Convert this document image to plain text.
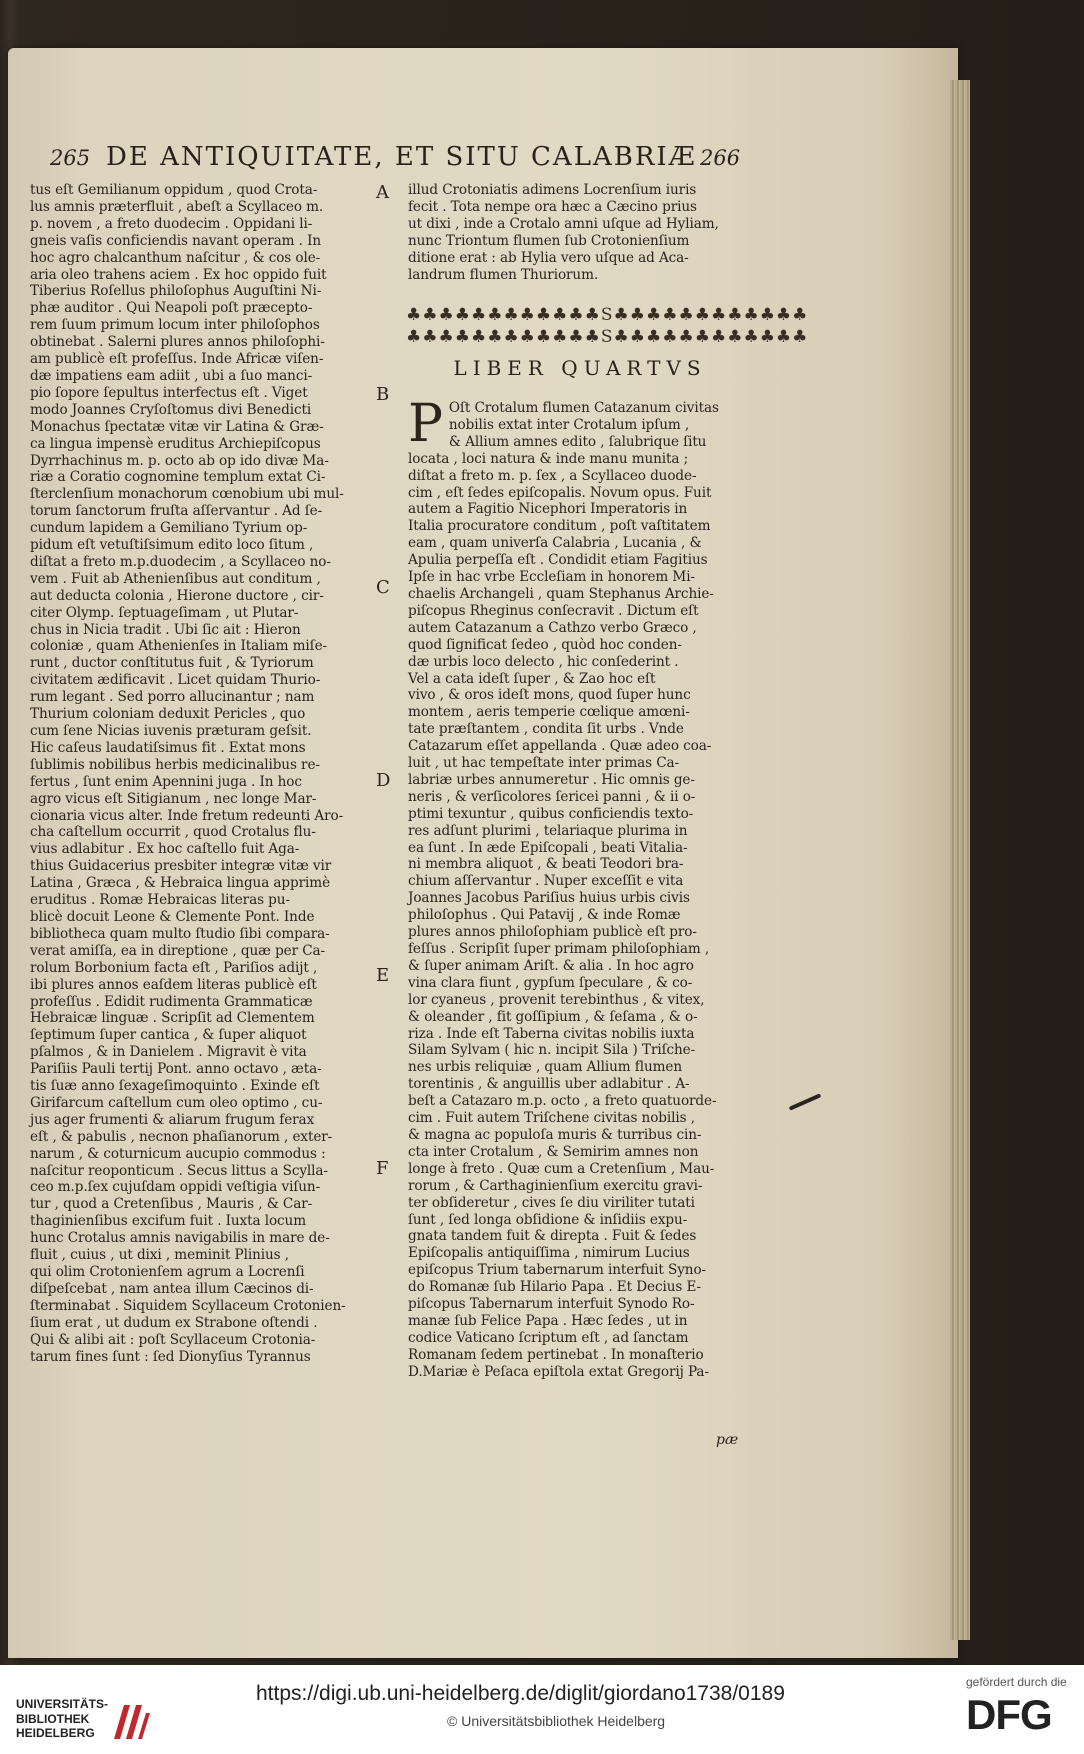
265 DE ANTIQUITATE, ET SITU CALABRIÆ 266

tus eſt Gemilianum oppidum , quod Crota-

lus amnis præterfluit , abeſt a Scyllaceo m.

p. novem , a freto duodecim . Oppidani li-

gneis vaſis conficiendis navant operam . In

hoc agro chalcanthum naſcitur , & cos ole-

aria oleo trahens aciem . Ex hoc oppido fuit

Tiberius Roſellus philoſophus Auguſtini Ni-

phæ auditor . Qui Neapoli poſt præcepto-

rem ſuum primum locum inter philoſophos

obtinebat . Salerni plures annos philoſophi-

am publicè eſt profeſſus. Inde Africæ viſen-

dæ impatiens eam adiit , ubi a ſuo manci-

pio ſopore ſepultus interfectus eſt . Viget

modo Joannes Cryſoſtomus divi Benedicti

Monachus ſpectatæ vitæ vir Latina & Græ-

ca lingua impensè eruditus Archiepiſcopus

Dyrrhachinus m. p. octo ab op ido divæ Ma-

riæ a Coratio cognomine templum extat Ci-

ſterclenſium monachorum cœnobium ubi mul-

torum ſanctorum fruſta aſſervantur . Ad ſe-

cundum lapidem a Gemiliano Tyrium op-

pidum eſt vetuſtiſsimum edito loco ſitum ,

diſtat a freto m.p.duodecim , a Scyllaceo no-

vem . Fuit ab Athenienſibus aut conditum ,

aut deducta colonia , Hierone ductore , cir-

citer Olymp. ſeptuageſimam , ut Plutar-

chus in Nicia tradit . Ubi ſic ait : Hieron

coloniæ , quam Athenienſes in Italiam miſe-

runt , ductor conſtitutus fuit , & Tyriorum

civitatem ædificavit . Licet quidam Thurio-

rum legant . Sed porro allucinantur ; nam

Thurium coloniam deduxit Pericles , quo

cum ſene Nicias iuvenis præturam geſsit.

Hic caſeus laudatiſsimus fit . Extat mons

ſublimis nobilibus herbis medicinalibus re-

fertus , ſunt enim Apennini juga . In hoc

agro vicus eſt Sitigianum , nec longe Mar-

cionaria vicus alter. Inde fretum redeunti Aro-

cha caſtellum occurrit , quod Crotalus flu-

vius adlabitur . Ex hoc caſtello fuit Aga-

thius Guidacerius presbiter integræ vitæ vir

Latina , Græca , & Hebraica lingua apprimè

eruditus . Romæ Hebraicas literas pu-

blicè docuit Leone & Clemente Pont. Inde

bibliotheca quam multo ſtudio ſibi compara-

verat amiſſa, ea in direptione , quæ per Ca-

rolum Borbonium facta eſt , Pariſios adijt ,

ibi plures annos eaſdem literas publicè eſt

profeſſus . Edidit rudimenta Grammaticæ

Hebraicæ linguæ . Scripſit ad Clementem

ſeptimum ſuper cantica , & ſuper aliquot

pſalmos , & in Danielem . Migravit è vita

Pariſiis Pauli tertij Pont. anno octavo , æta-

tis ſuæ anno ſexageſimoquinto . Exinde eſt

Girifarcum caſtellum cum oleo optimo , cu-

jus ager frumenti & aliarum frugum ferax

eſt , & pabulis , necnon phaſianorum , exter-

narum , & coturnicum aucupio commodus :

naſcitur reoponticum . Secus littus a Scylla-

ceo m.p.ſex cujuſdam oppidi veſtigia viſun-

tur , quod a Cretenſibus , Mauris , & Car-

thaginienſibus excifum fuit . Iuxta locum

hunc Crotalus amnis navigabilis in mare de-

fluit , cuius , ut dixi , meminit Plinius ,

qui olim Crotonienſem agrum a Locrenſi

diſpeſcebat , nam antea illum Cæcinos di-

ſterminabat . Siquidem Scyllaceum Crotonien-

ſium erat , ut dudum ex Strabone oſtendi .

Qui & alibi ait : poſt Scyllaceum Crotonia-

tarum fines ſunt : ſed Dionyſius Tyrannus

illud Crotoniatis adimens Locrenſium iuris

fecit . Tota nempe ora hæc a Cæcino prius

ut dixi , inde a Crotalo amni uſque ad Hyliam,

nunc Triontum flumen ſub Crotonienſium

ditione erat : ab Hylia vero uſque ad Aca-

landrum flumen Thuriorum.

♣♣♣♣♣♣♣♣♣♣♣♣S♣♣♣♣♣♣♣♣♣♣♣♣
♣♣♣♣♣♣♣♣♣♣♣♣S♣♣♣♣♣♣♣♣♣♣♣♣
LIBER QUARTVS
P Oſt Crotalum flumen Catazanum civitas

nobilis extat inter Crotalum ipſum ,

& Allium amnes edito , ſalubrique ſitu

locata , loci natura & inde manu munita ;

diſtat a freto m. p. ſex , a Scyllaceo duode-

cim , eſt ſedes epiſcopalis. Novum opus. Fuit

autem a Fagitio Nicephori Imperatoris in

Italia procuratore conditum , poſt vaſtitatem

eam , quam univerſa Calabria , Lucania , &

Apulia perpeſſa eſt . Condidit etiam Fagitius

Ipſe in hac vrbe Eccleſiam in honorem Mi-

chaelis Archangeli , quam Stephanus Archie-

piſcopus Rheginus conſecravit . Dictum eſt

autem Catazanum a Cathzo verbo Græco ,

quod ſignificat ſedeo , quòd hoc conden-

dæ urbis loco delecto , hic conſederint .

Vel a cata ideſt ſuper , & Zao hoc eſt

vivo , & oros ideſt mons, quod ſuper hunc

montem , aeris temperie cœlique amœni-

tate præſtantem , condita ſit urbs . Vnde

Catazarum eſſet appellanda . Quæ adeo coa-

luit , ut hac tempeſtate inter primas Ca-

labriæ urbes annumeretur . Hic omnis ge-

neris , & verſicolores ſericei panni , & ii o-

ptimi texuntur , quibus conficiendis texto-

res adſunt plurimi , telariaque plurima in

ea ſunt . In æde Epiſcopali , beati Vitalia-

ni membra aliquot , & beati Teodori bra-

chium aſſervantur . Nuper exceſſit e vita

Joannes Jacobus Pariſius huius urbis civis

philoſophus . Qui Patavij , & inde Romæ

plures annos philoſophiam publicè eſt pro-

feſſus . Scripſit ſuper primam philoſophiam ,

& ſuper animam Ariſt. & alia . In hoc agro

vina clara fiunt , gypſum ſpeculare , & co-

lor cyaneus , provenit terebinthus , & vitex,

& oleander , fit goſſipium , & ſeſama , & o-

riza . Inde eſt Taberna civitas nobilis iuxta

Silam Sylvam ( hic n. incipit Sila ) Triſche-

nes urbis reliquiæ , quam Allium flumen

torentinis , & anguillis uber adlabitur . A-

beſt a Catazaro m.p. octo , a freto quatuorde-

cim . Fuit autem Triſchene civitas nobilis ,

& magna ac populoſa muris & turribus cin-

cta inter Crotalum , & Semirim amnes non

longe à freto . Quæ cum a Cretenſium , Mau-

rorum , & Carthaginienſium exercitu gravi-

ter obſideretur , cives ſe diu viriliter tutati

ſunt , ſed longa obſidione & inſidiis expu-

gnata tandem fuit & direpta . Fuit & ſedes

Epiſcopalis antiquiſſima , nimirum Lucius

epiſcopus Trium tabernarum interfuit Syno-

do Romanæ ſub Hilario Papa . Et Decius E-

piſcopus Tabernarum interfuit Synodo Ro-

manæ ſub Felice Papa . Hæc ſedes , ut in

codice Vaticano ſcriptum eſt , ad ſanctam

Romanam ſedem pertinebat . In monaſterio

D.Mariæ è Peſaca epiſtola extat Gregorij Pa-

A
B
C
D
E
F
pæ
UNIVERSITÄTS-
BIBLIOTHEK
HEIDELBERG
https://digi.ub.uni-heidelberg.de/diglit/giordano1738/0189
© Universitätsbibliothek Heidelberg
gefördert durch die
DFG
